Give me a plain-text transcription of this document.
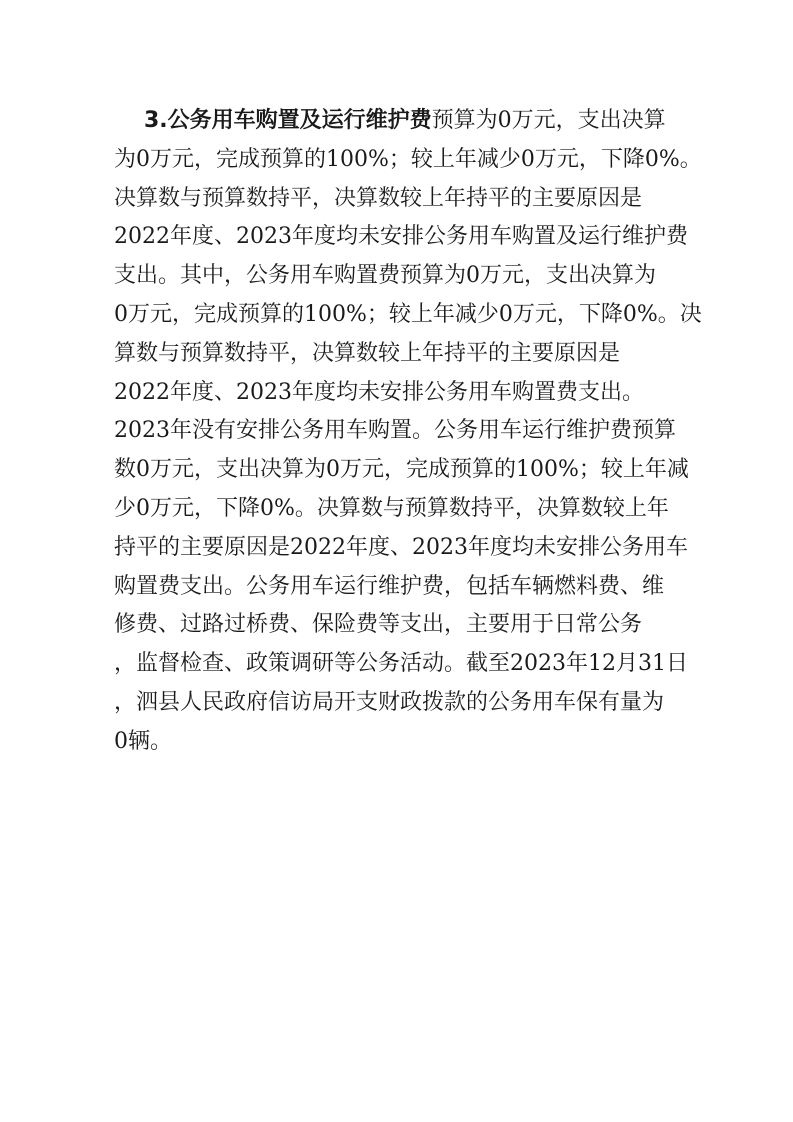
3.公务用车购置及运行维护费预算为0万元，支出决算
为0万元，完成预算的100%；较上年减少0万元，下降0%。
决算数与预算数持平，决算数较上年持平的主要原因是
2022年度、2023年度均未安排公务用车购置及运行维护费
支出。其中，公务用车购置费预算为0万元，支出决算为
0万元，完成预算的100%；较上年减少0万元，下降0%。决
算数与预算数持平，决算数较上年持平的主要原因是
2022年度、2023年度均未安排公务用车购置费支出。
2023年没有安排公务用车购置。公务用车运行维护费预算
数0万元，支出决算为0万元，完成预算的100%；较上年减
少0万元，下降0%。决算数与预算数持平，决算数较上年
持平的主要原因是2022年度、2023年度均未安排公务用车
购置费支出。公务用车运行维护费，包括车辆燃料费、维
修费、过路过桥费、保险费等支出，主要用于日常公务
，监督检查、政策调研等公务活动。截至2023年12月31日
，泗县人民政府信访局开支财政拨款的公务用车保有量为
0辆。
